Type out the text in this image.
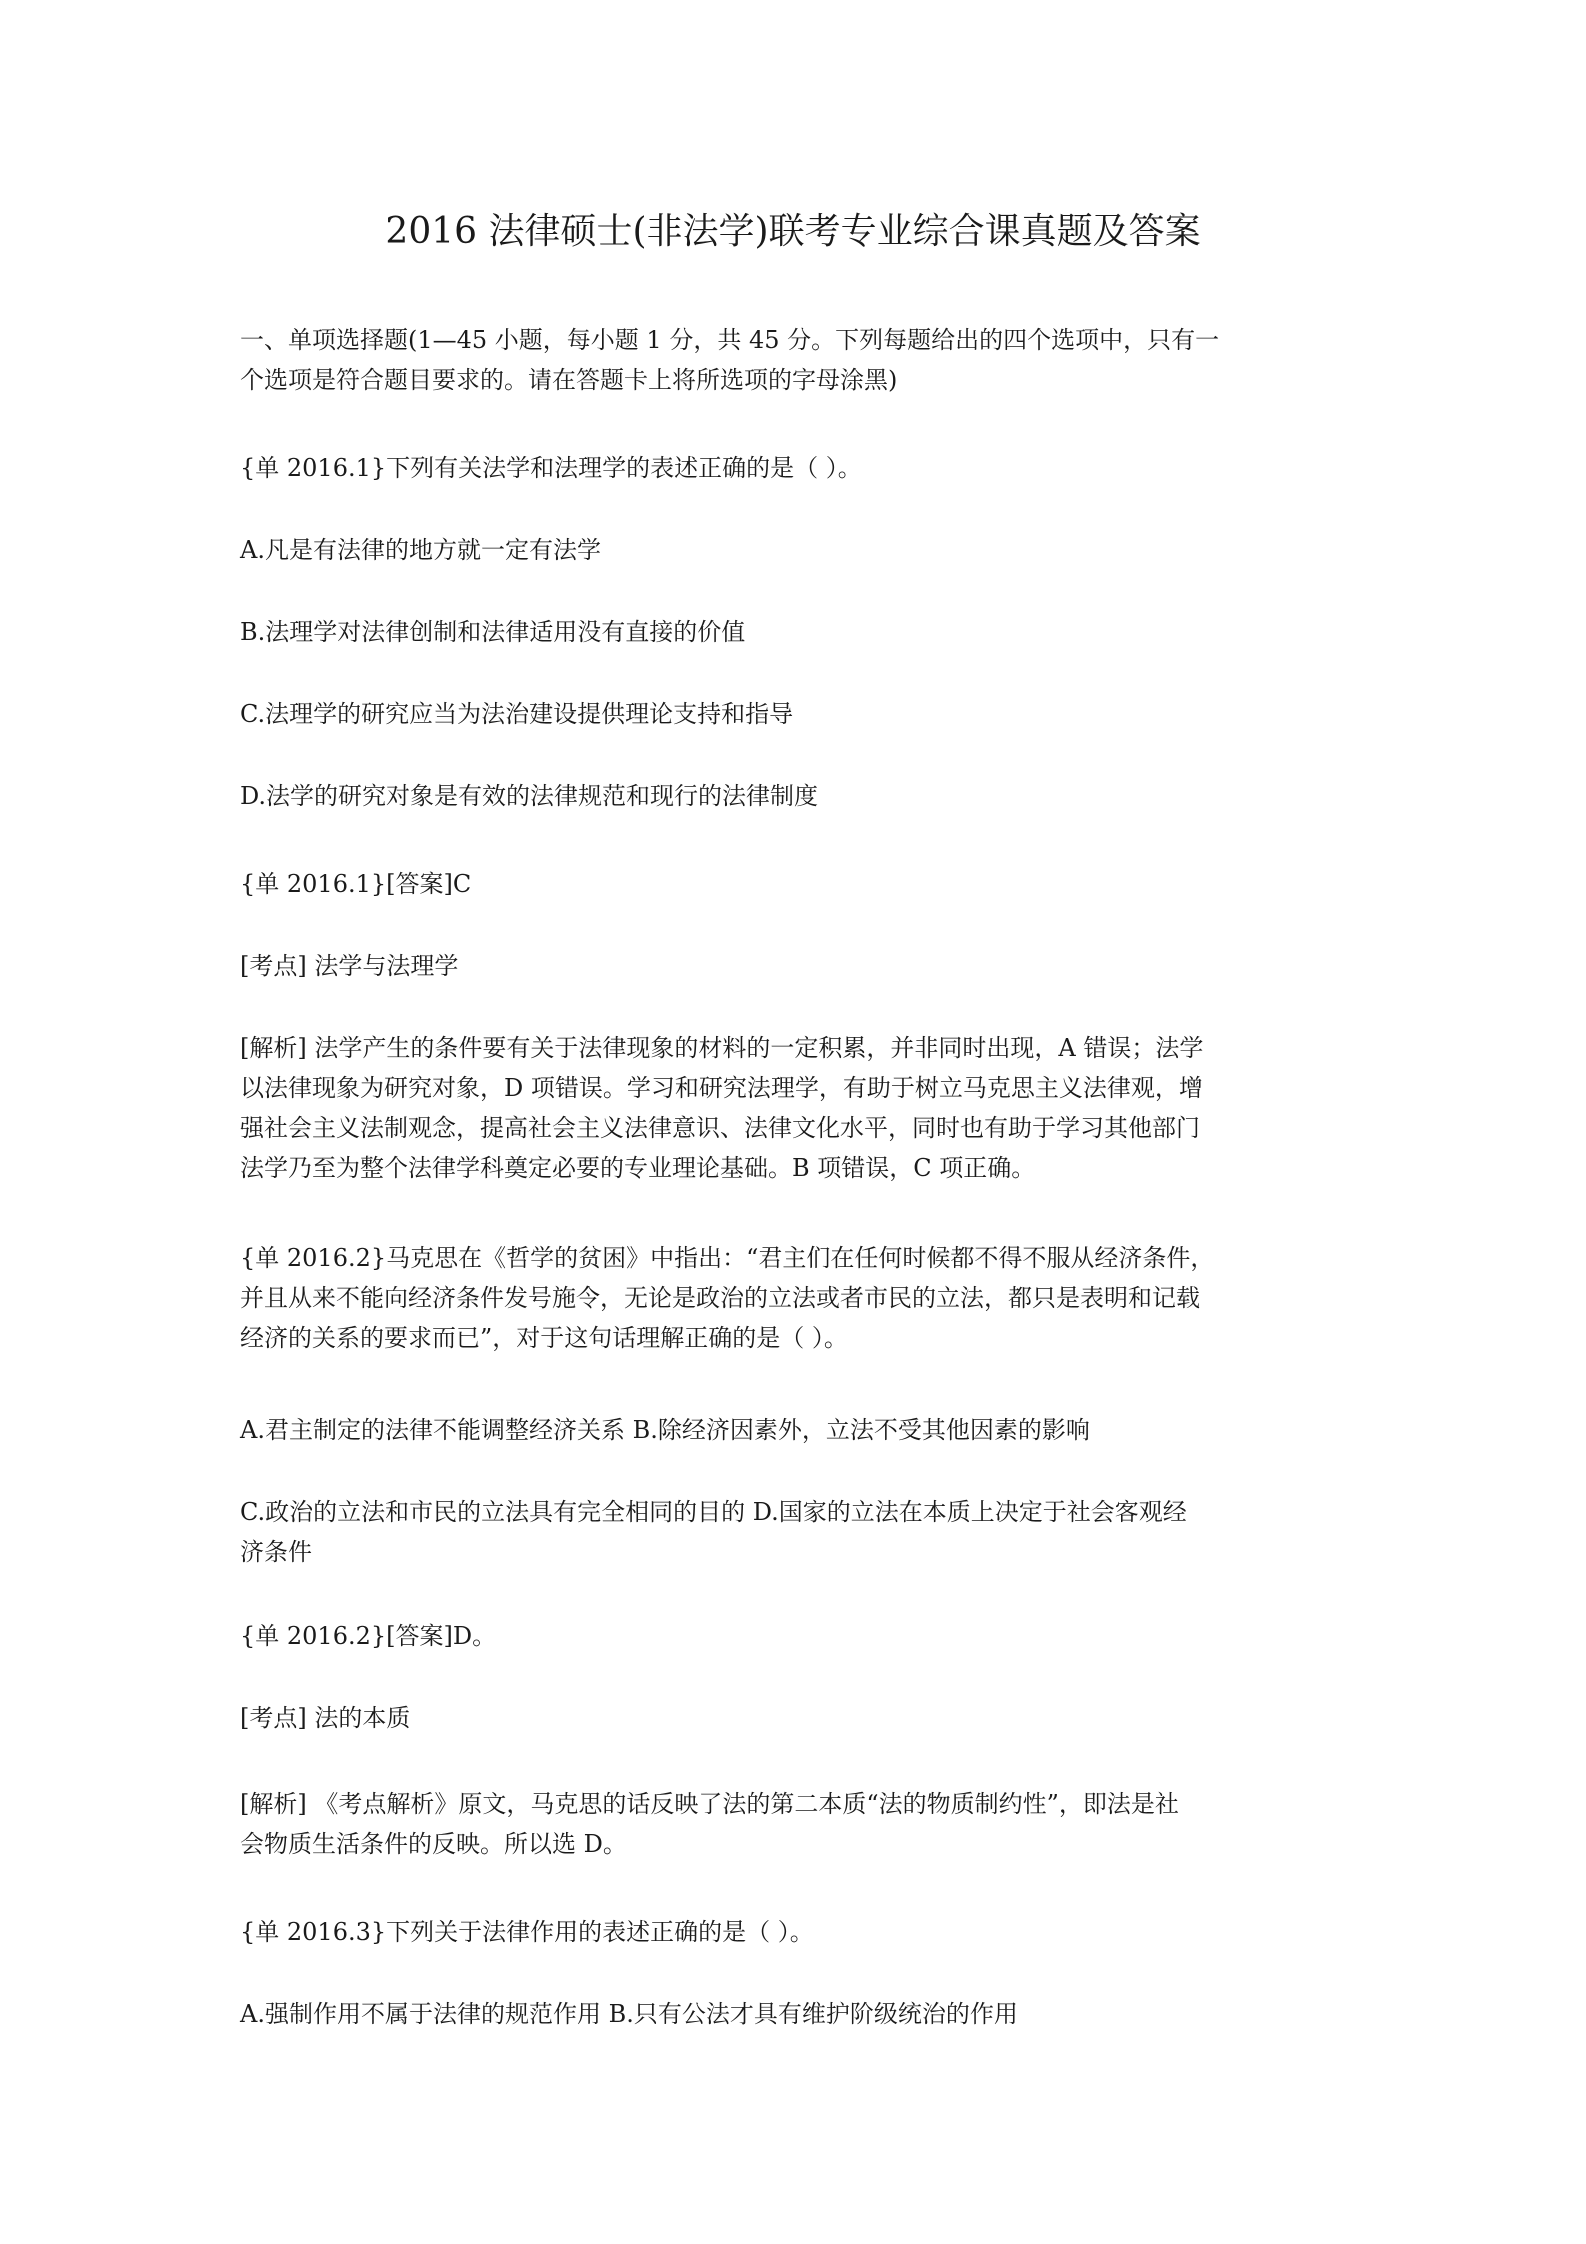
2016 法律硕士(非法学)联考专业综合课真题及答案

一、单项选择题(1—45 小题，每小题 1 分，共 45 分。下列每题给出的四个选项中，只有一
个选项是符合题目要求的。请在答题卡上将所选项的字母涂黑)

{单 2016.1}下列有关法学和法理学的表述正确的是（ ）。

A.凡是有法律的地方就一定有法学

B.法理学对法律创制和法律适用没有直接的价值

C.法理学的研究应当为法治建设提供理论支持和指导

D.法学的研究对象是有效的法律规范和现行的法律制度

{单 2016.1}[答案]C

[考点] 法学与法理学

[解析] 法学产生的条件要有关于法律现象的材料的一定积累，并非同时出现，A 错误；法学
以法律现象为研究对象，D 项错误。学习和研究法理学，有助于树立马克思主义法律观，增
强社会主义法制观念，提高社会主义法律意识、法律文化水平，同时也有助于学习其他部门
法学乃至为整个法律学科奠定必要的专业理论基础。B 项错误，C 项正确。

{单 2016.2}马克思在《哲学的贫困》中指出：“君主们在任何时候都不得不服从经济条件，
并且从来不能向经济条件发号施令，无论是政治的立法或者市民的立法，都只是表明和记载
经济的关系的要求而已”，对于这句话理解正确的是（ ）。

A.君主制定的法律不能调整经济关系 B.除经济因素外，立法不受其他因素的影响

C.政治的立法和市民的立法具有完全相同的目的 D.国家的立法在本质上决定于社会客观经
济条件

{单 2016.2}[答案]D。

[考点] 法的本质

[解析] 《考点解析》原文，马克思的话反映了法的第二本质“法的物质制约性”，即法是社
会物质生活条件的反映。所以选 D。

{单 2016.3}下列关于法律作用的表述正确的是（ ）。

A.强制作用不属于法律的规范作用 B.只有公法才具有维护阶级统治的作用
